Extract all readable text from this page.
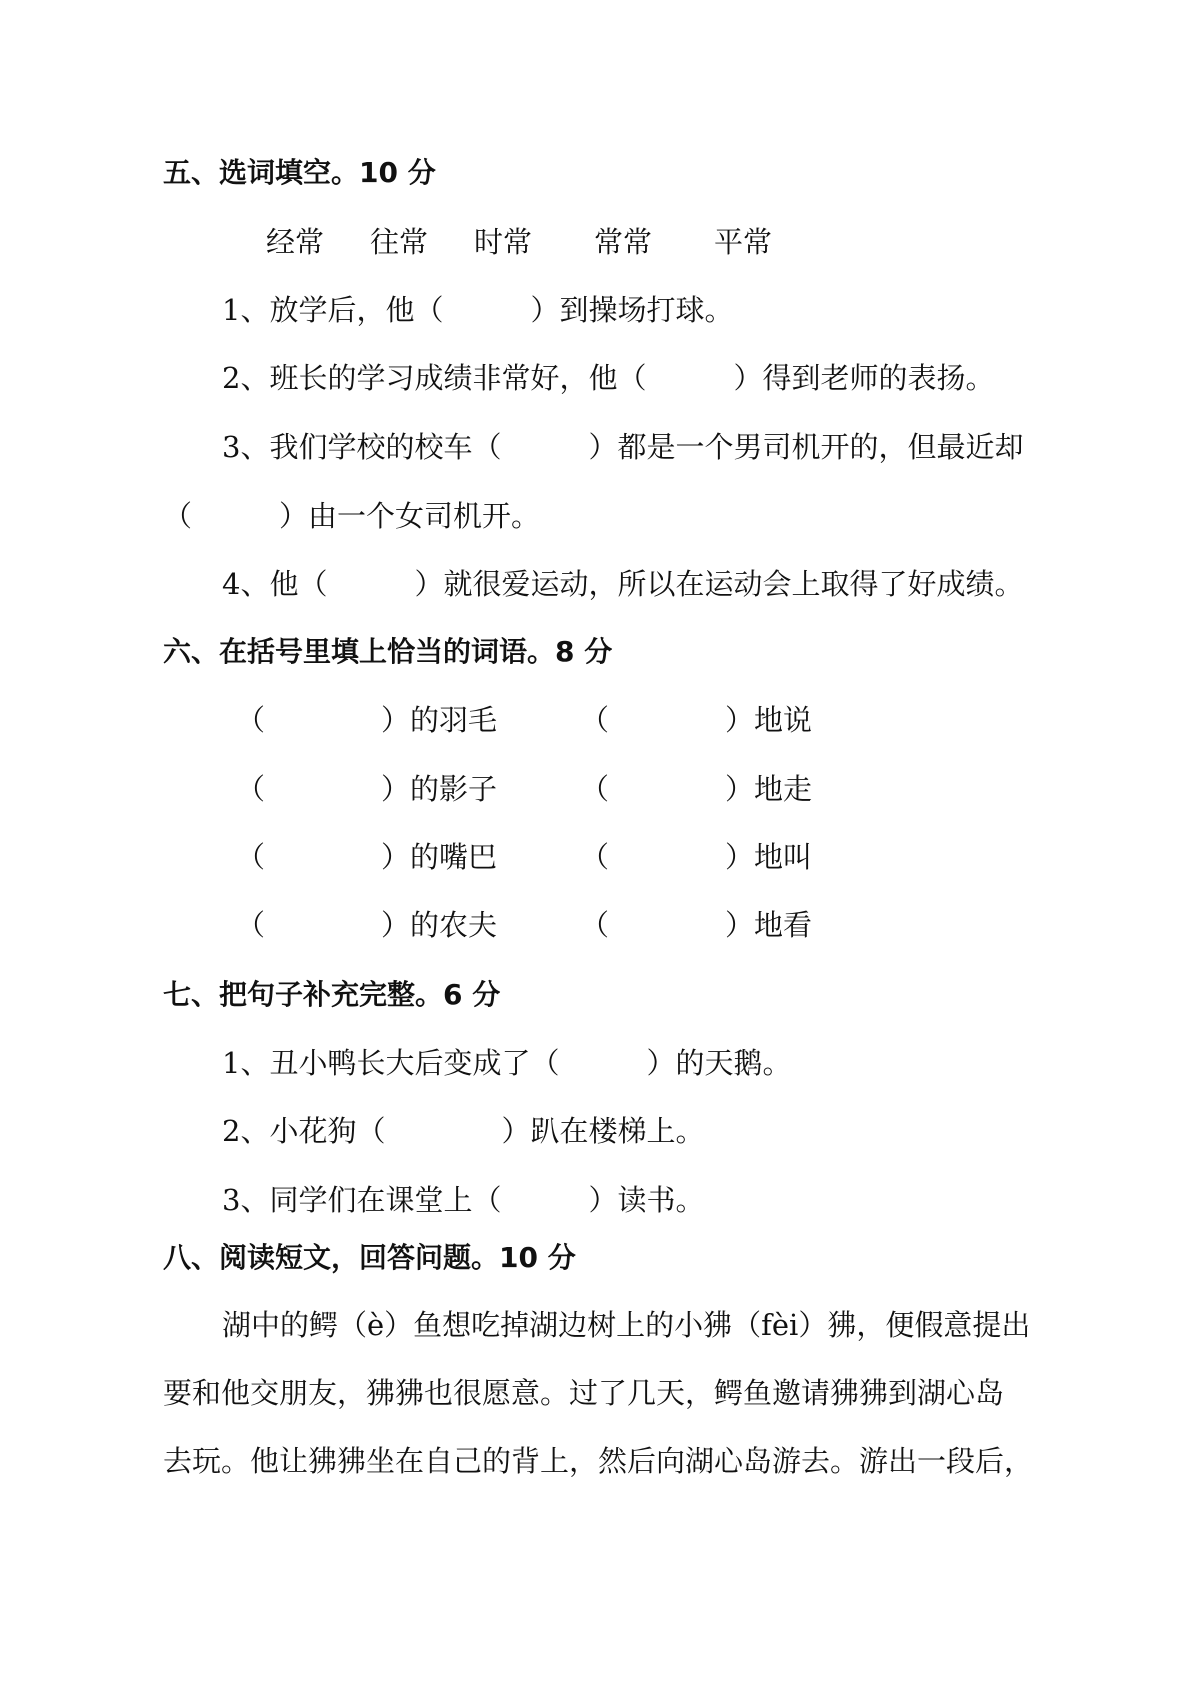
五、选词填空。10 分
经常 往常 时常 常常 平常
1、放学后，他（　　　）到操场打球。
2、班长的学习成绩非常好，他（　　　）得到老师的表扬。
3、我们学校的校车（　　　）都是一个男司机开的，但最近却
（　　　）由一个女司机开。
4、他（　　　）就很爱运动，所以在运动会上取得了好成绩。
六、在括号里填上恰当的词语。8 分
（　　　　）的羽毛	（　　　　）地说
（　　　　）的影子	（　　　　）地走
（　　　　）的嘴巴	（　　　　）地叫
（　　　　）的农夫	（　　　　）地看
七、把句子补充完整。6 分
1、丑小鸭长大后变成了（　　　）的天鹅。
2、小花狗（　　　　）趴在楼梯上。
3、同学们在课堂上（　　　）读书。
八、阅读短文，回答问题。10 分
湖中的鳄（è）鱼想吃掉湖边树上的小狒（fèi）狒，便假意提出
要和他交朋友，狒狒也很愿意。过了几天，鳄鱼邀请狒狒到湖心岛
去玩。他让狒狒坐在自己的背上，然后向湖心岛游去。游出一段后，
